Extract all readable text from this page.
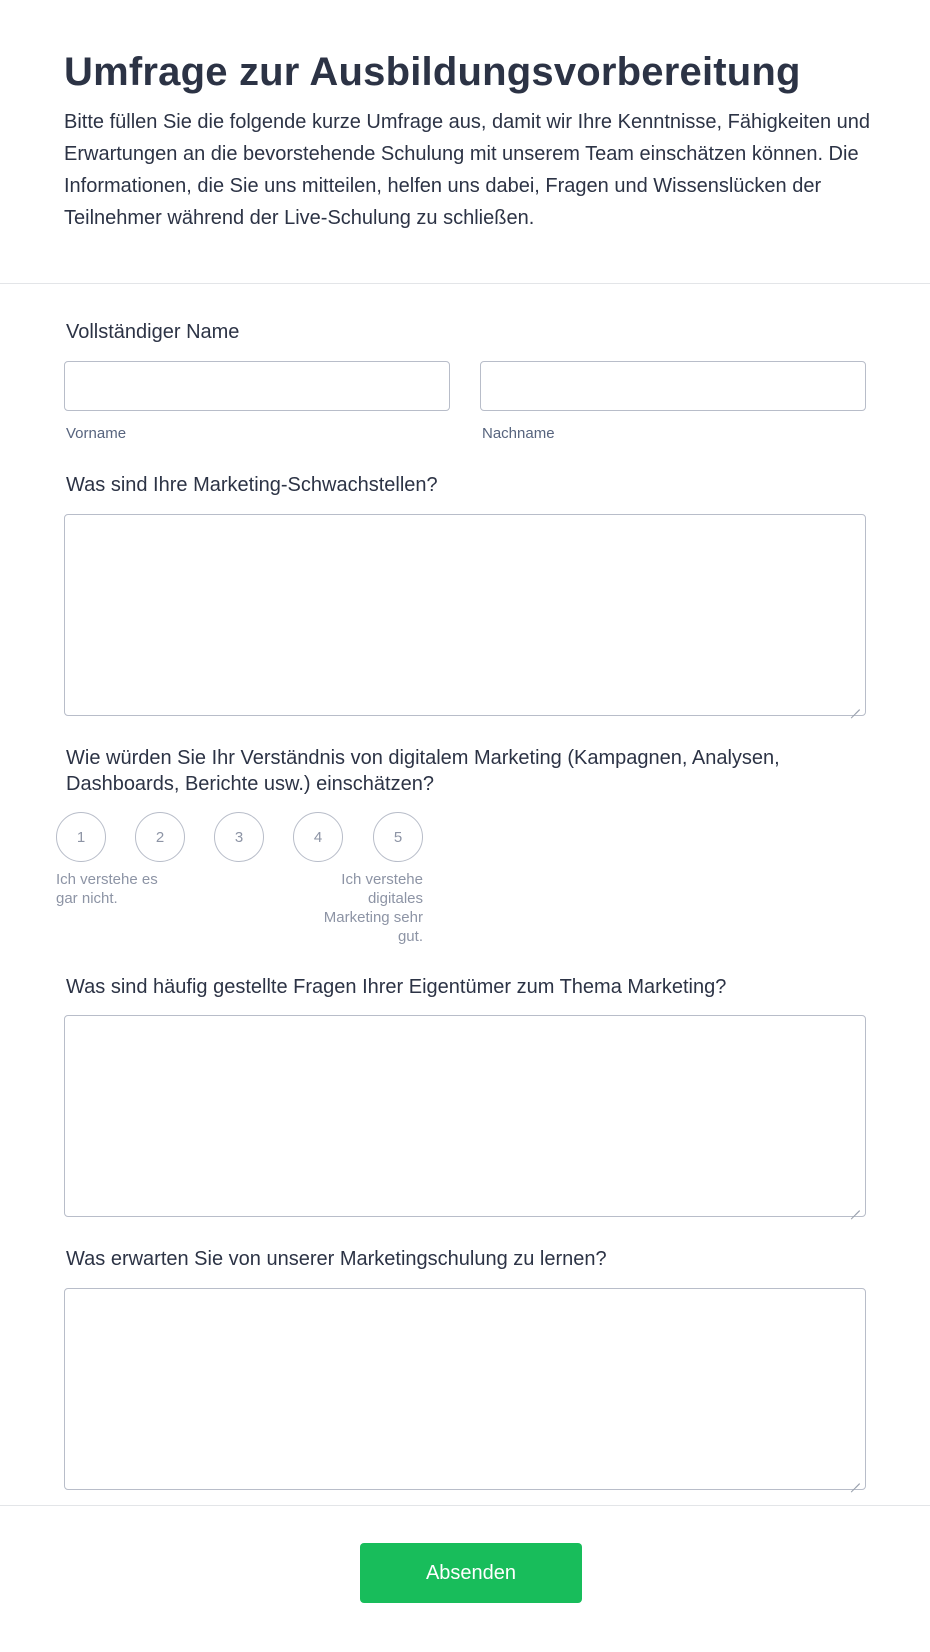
Umfrage zur Ausbildungsvorbereitung

Bitte füllen Sie die folgende kurze Umfrage aus, damit wir Ihre Kenntnisse, Fähigkeiten und Erwartungen an die bevorstehende Schulung mit unserem Team einschätzen können. Die Informationen, die Sie uns mitteilen, helfen uns dabei, Fragen und Wissenslücken der Teilnehmer während der Live-Schulung zu schließen.

Vollständiger Name
Vorname	Nachname
Was sind Ihre Marketing-Schwachstellen?
Wie würden Sie Ihr Verständnis von digitalem Marketing (Kampagnen, Analysen, Dashboards, Berichte usw.) einschätzen?
1	2	3	4	5
Ich verstehe es gar nicht.
Ich verstehe digitales Marketing sehr gut.
Was sind häufig gestellte Fragen Ihrer Eigentümer zum Thema Marketing?
Was erwarten Sie von unserer Marketingschulung zu lernen?
Absenden
